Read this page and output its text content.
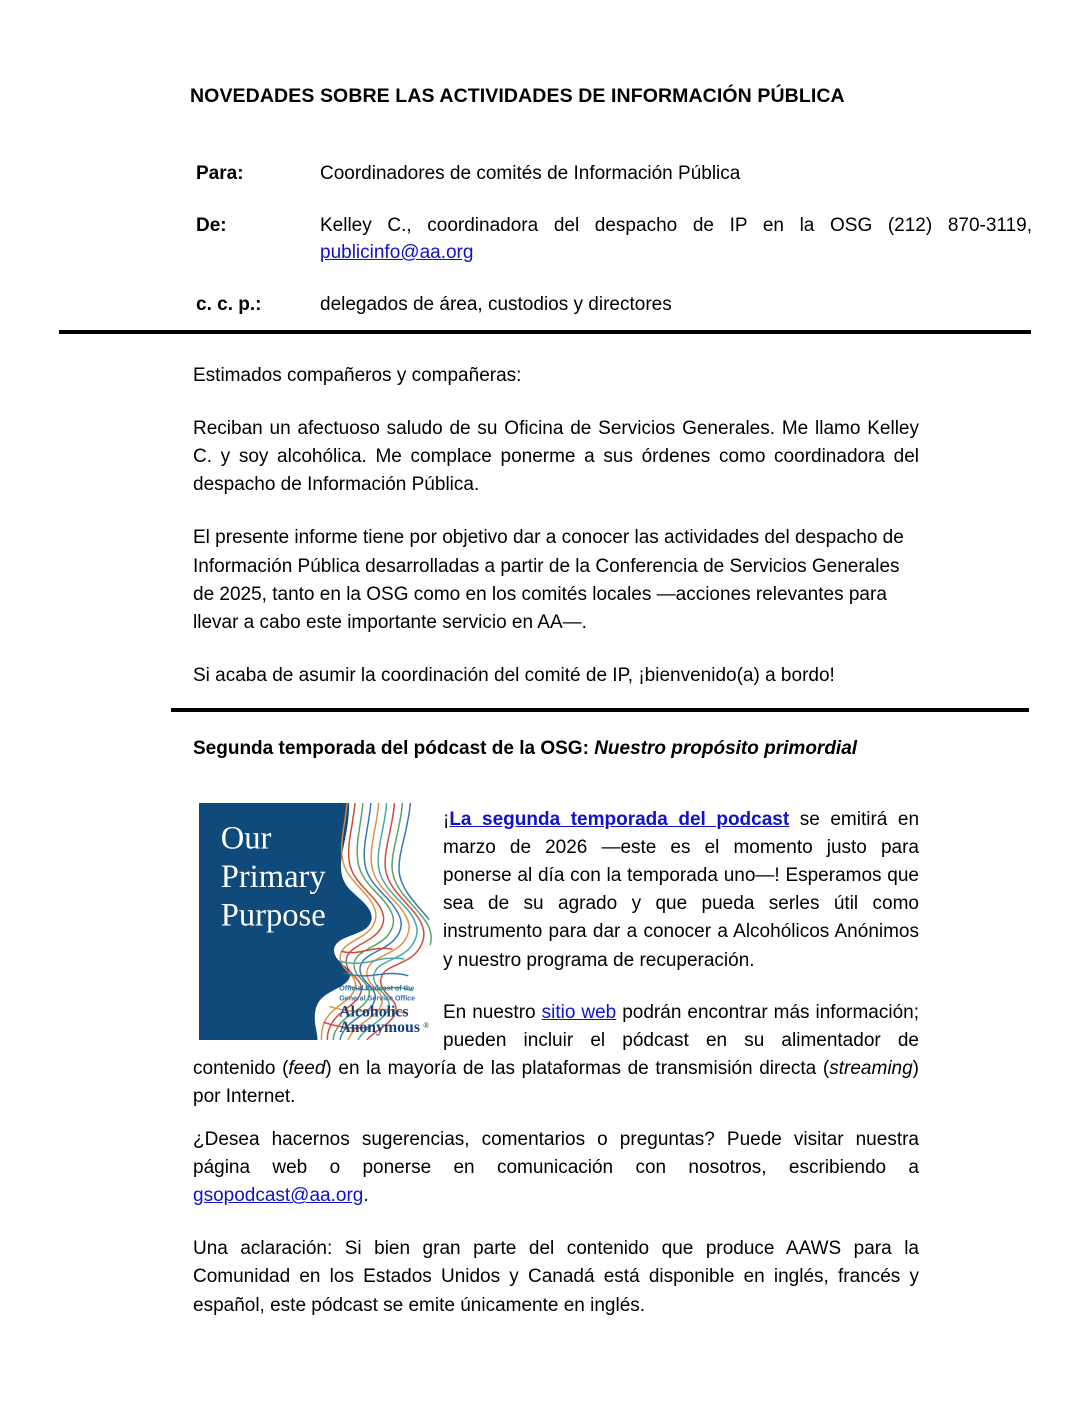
NOVEDADES SOBRE LAS ACTIVIDADES DE INFORMACIÓN PÚBLICA
Para:	Coordinadores de comités de Información Pública
De:	Kelley C., coordinadora del despacho de IP en la OSG (212) 870-3119,
publicinfo@aa.org
c. c. p.:	delegados de área, custodios y directores

Estimados compañeros y compañeras:

Reciban un afectuoso saludo de su Oficina de Servicios Generales. Me llamo Kelley C. y soy alcohólica. Me complace ponerme a sus órdenes como coordinadora del despacho de Información Pública.

El presente informe tiene por objetivo dar a conocer las actividades del despacho de Información Pública desarrolladas a partir de la Conferencia de Servicios Generales de 2025, tanto en la OSG como en los comités locales —acciones relevantes para llevar a cabo este importante servicio en AA—.

Si acaba de asumir la coordinación del comité de IP, ¡bienvenido(a) a bordo!

Segunda temporada del pódcast de la OSG: Nuestro propósito primordial
Our
Primary
Purpose
Official Podcast of the
General Service Office
Alcoholics
Anonymous ®

¡La segunda temporada del podcast se emitirá en marzo de 2026 —este es el momento justo para ponerse al día con la temporada uno—! Esperamos que sea de su agrado y que pueda serles útil como instrumento para dar a conocer a Alcohólicos Anónimos y nuestro programa de recuperación.

En nuestro sitio web podrán encontrar más información; pueden incluir el pódcast en su alimentador de contenido (feed) en la mayoría de las plataformas de transmisión directa (streaming) por Internet.

¿Desea hacernos sugerencias, comentarios o preguntas? Puede visitar nuestra página web o ponerse en comunicación con nosotros, escribiendo a gsopodcast@aa.org.

Una aclaración: Si bien gran parte del contenido que produce AAWS para la Comunidad en los Estados Unidos y Canadá está disponible en inglés, francés y español, este pódcast se emite únicamente en inglés.
